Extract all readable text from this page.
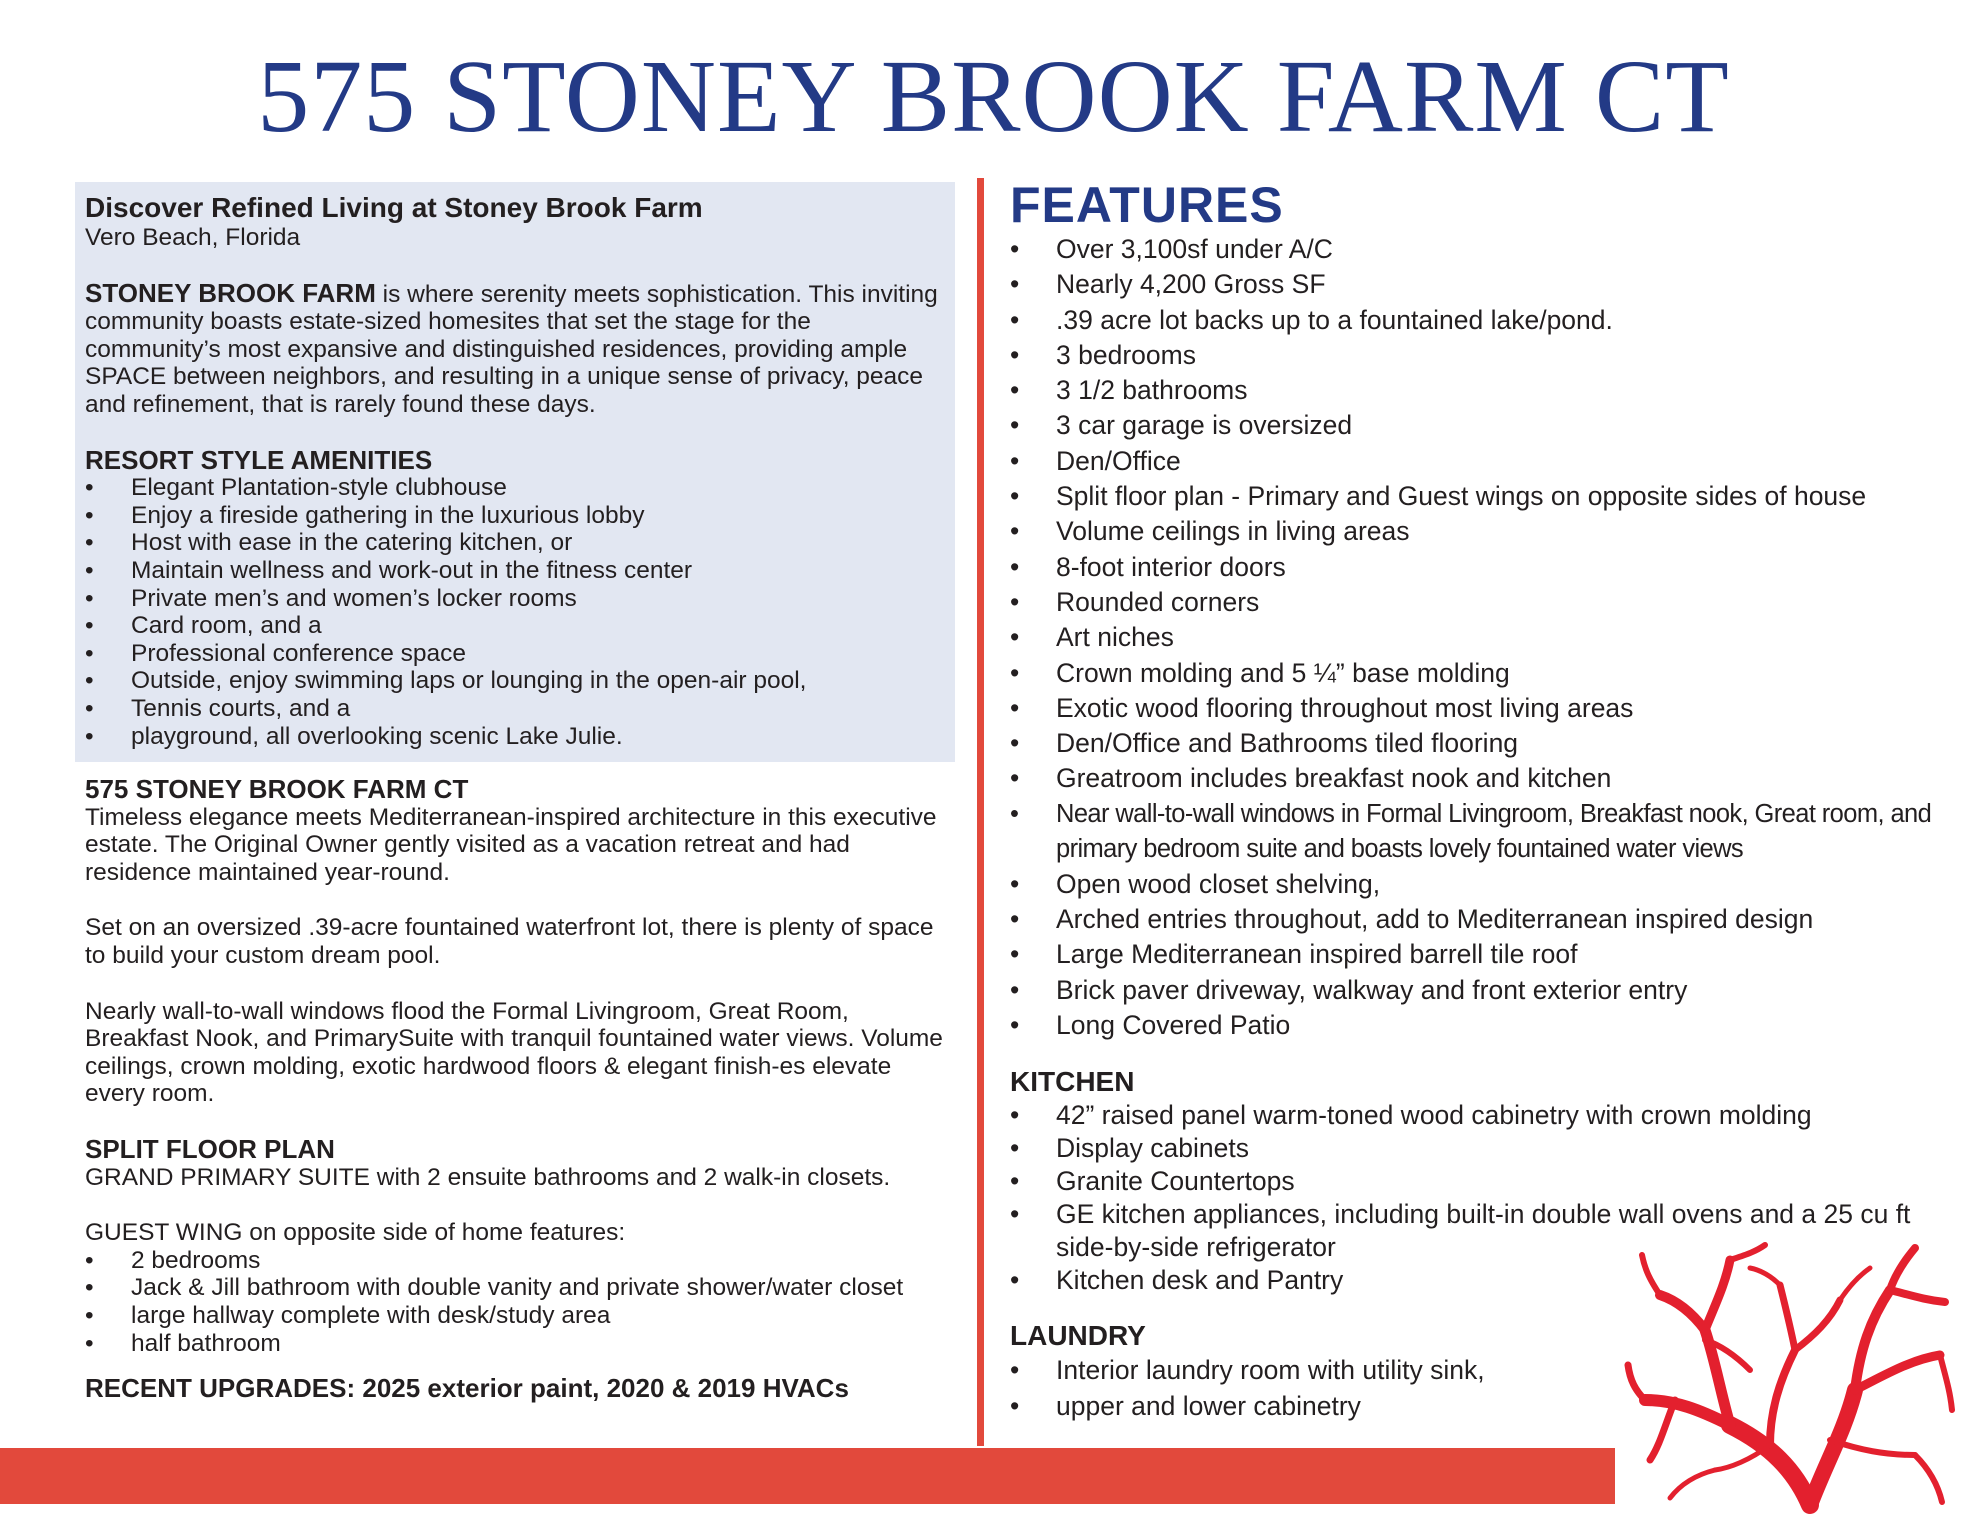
575 STONEY BROOK FARM CT
Discover Refined Living at Stoney Brook Farm
Vero Beach, Florida
STONEY BROOK FARM is where serenity meets sophistication. This inviting community boasts estate-sized homesites that set the stage for the community’s most expansive and distinguished residences, providing ample SPACE between neighbors, and resulting in a unique sense of privacy, peace and refinement, that is rarely found these days.
RESORT STYLE AMENITIES
• Elegant Plantation-style clubhouse
• Enjoy a fireside gathering in the luxurious lobby
• Host with ease in the catering kitchen, or
• Maintain wellness and work-out in the fitness center
• Private men’s and women’s locker rooms
• Card room, and a
• Professional conference space
• Outside, enjoy swimming laps or lounging in the open-air pool,
• Tennis courts, and a
• playground, all overlooking scenic Lake Julie.
575 STONEY BROOK FARM CT
Timeless elegance meets Mediterranean-inspired architecture in this executive estate. The Original Owner gently visited as a vacation retreat and had residence maintained year-round.
Set on an oversized .39-acre fountained waterfront lot, there is plenty of space to build your custom dream pool.
Nearly wall-to-wall windows flood the Formal Livingroom, Great Room, Breakfast Nook, and PrimarySuite with tranquil fountained water views. Volume ceilings, crown molding, exotic hardwood floors & elegant finish-es elevate every room.
SPLIT FLOOR PLAN
GRAND PRIMARY SUITE with 2 ensuite bathrooms and 2 walk-in closets.
GUEST WING on opposite side of home features:
• 2 bedrooms
• Jack & Jill bathroom with double vanity and private shower/water closet
• large hallway complete with desk/study area
• half bathroom
RECENT UPGRADES: 2025 exterior paint, 2020 & 2019 HVACs
FEATURES
• Over 3,100sf under A/C
• Nearly 4,200 Gross SF
• .39 acre lot backs up to a fountained lake/pond.
• 3 bedrooms
• 3 1/2 bathrooms
• 3 car garage is oversized
• Den/Office
• Split floor plan - Primary and Guest wings on opposite sides of house
• Volume ceilings in living areas
• 8-foot interior doors
• Rounded corners
• Art niches
• Crown molding and 5 ¼” base molding
• Exotic wood flooring throughout most living areas
• Den/Office and Bathrooms tiled flooring
• Greatroom includes breakfast nook and kitchen
• Near wall-to-wall windows in Formal Livingroom, Breakfast nook, Great room, and primary bedroom suite and boasts lovely fountained water views
• Open wood closet shelving,
• Arched entries throughout, add to Mediterranean inspired design
• Large Mediterranean inspired barrell tile roof
• Brick paver driveway, walkway and front exterior entry
• Long Covered Patio
KITCHEN
• 42” raised panel warm-toned wood cabinetry with crown molding
• Display cabinets
• Granite Countertops
• GE kitchen appliances, including built-in double wall ovens and a 25 cu ft side-by-side refrigerator
• Kitchen desk and Pantry
LAUNDRY
• Interior laundry room with utility sink,
• upper and lower cabinetry
